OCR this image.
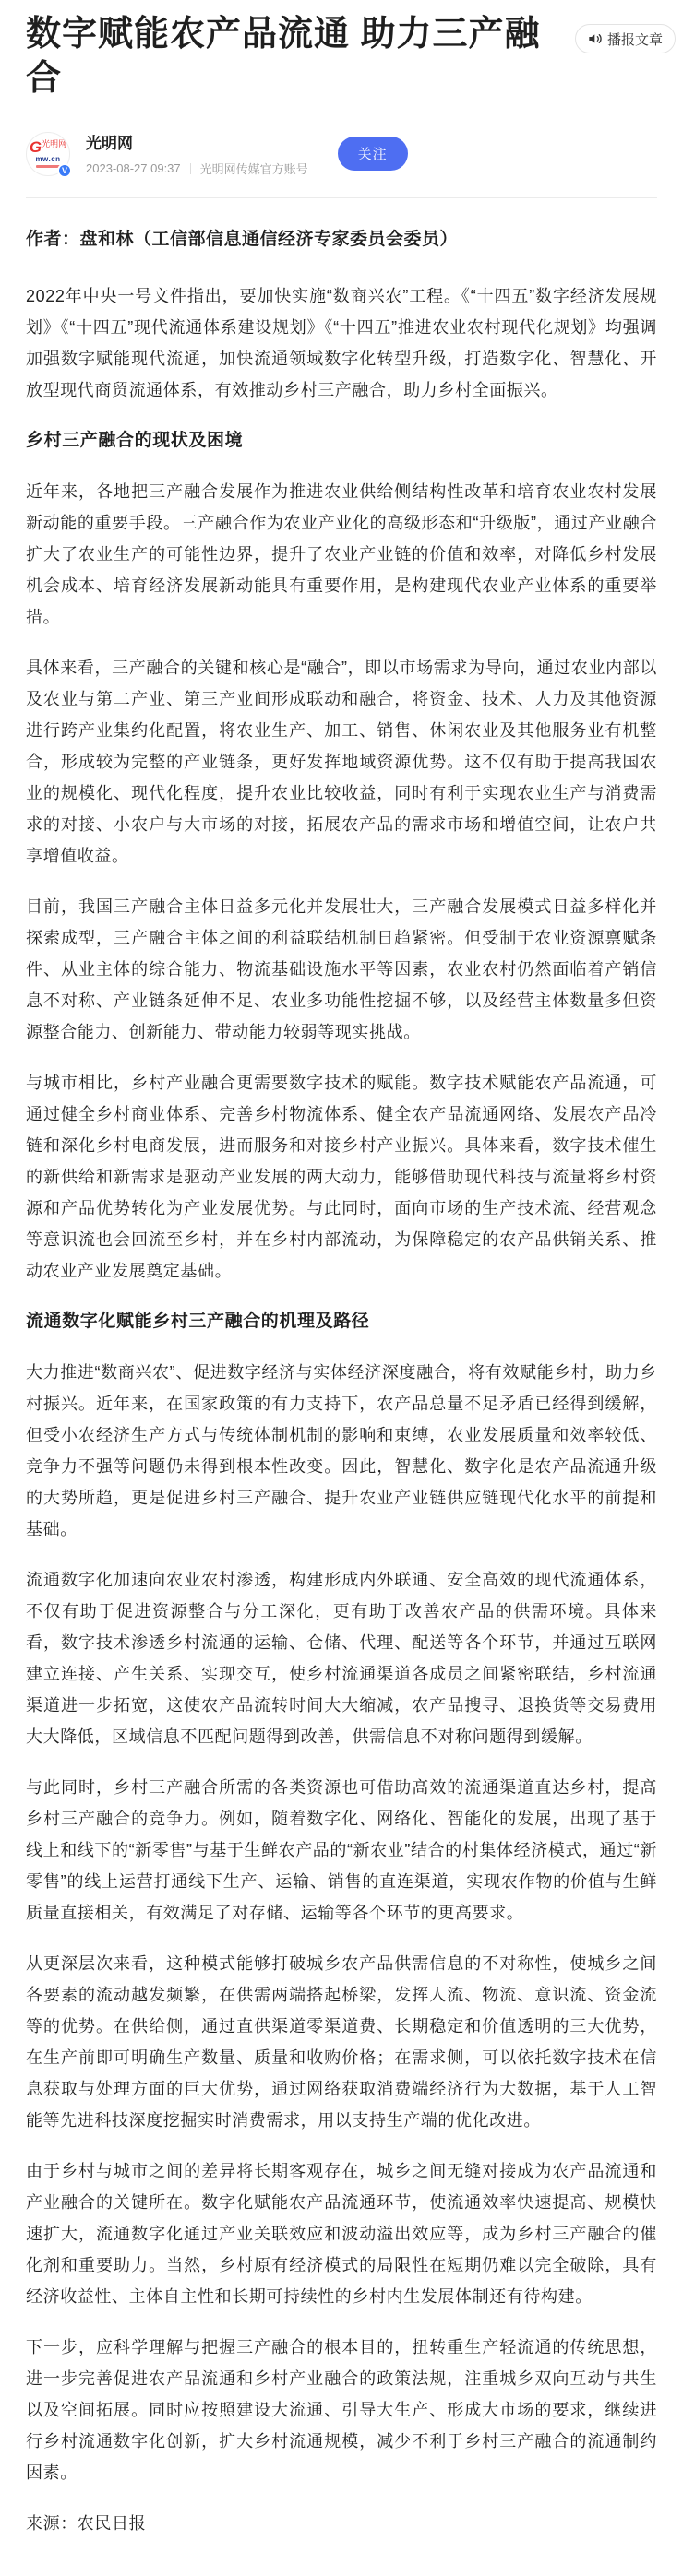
数字赋能农产品流通 助力三产融合
播报文章
G 光明网
mw.cn
V
光明网
2023-08-27 09:37 光明网传媒官方账号
关注

作者：盘和林（工信部信息通信经济专家委员会委员）

2022年中央一号文件指出，要加快实施“数商兴农”工程。《“十四五”数字经济发展规划》《“十四五”现代流通体系建设规划》《“十四五”推进农业农村现代化规划》均强调加强数字赋能现代流通，加快流通领域数字化转型升级，打造数字化、智慧化、开放型现代商贸流通体系，有效推动乡村三产融合，助力乡村全面振兴。

乡村三产融合的现状及困境

近年来，各地把三产融合发展作为推进农业供给侧结构性改革和培育农业农村发展新动能的重要手段。三产融合作为农业产业化的高级形态和“升级版”，通过产业融合扩大了农业生产的可能性边界，提升了农业产业链的价值和效率，对降低乡村发展机会成本、培育经济发展新动能具有重要作用，是构建现代农业产业体系的重要举措。

具体来看，三产融合的关键和核心是“融合”，即以市场需求为导向，通过农业内部以及农业与第二产业、第三产业间形成联动和融合，将资金、技术、人力及其他资源进行跨产业集约化配置，将农业生产、加工、销售、休闲农业及其他服务业有机整合，形成较为完整的产业链条，更好发挥地域资源优势。这不仅有助于提高我国农业的规模化、现代化程度，提升农业比较收益，同时有利于实现农业生产与消费需求的对接、小农户与大市场的对接，拓展农产品的需求市场和增值空间，让农户共享增值收益。

目前，我国三产融合主体日益多元化并发展壮大，三产融合发展模式日益多样化并探索成型，三产融合主体之间的利益联结机制日趋紧密。但受制于农业资源禀赋条件、从业主体的综合能力、物流基础设施水平等因素，农业农村仍然面临着产销信息不对称、产业链条延伸不足、农业多功能性挖掘不够，以及经营主体数量多但资源整合能力、创新能力、带动能力较弱等现实挑战。

与城市相比，乡村产业融合更需要数字技术的赋能。数字技术赋能农产品流通，可通过健全乡村商业体系、完善乡村物流体系、健全农产品流通网络、发展农产品冷链和深化乡村电商发展，进而服务和对接乡村产业振兴。具体来看，数字技术催生的新供给和新需求是驱动产业发展的两大动力，能够借助现代科技与流量将乡村资源和产品优势转化为产业发展优势。与此同时，面向市场的生产技术流、经营观念等意识流也会回流至乡村，并在乡村内部流动，为保障稳定的农产品供销关系、推动农业产业发展奠定基础。

流通数字化赋能乡村三产融合的机理及路径

大力推进“数商兴农”、促进数字经济与实体经济深度融合，将有效赋能乡村，助力乡村振兴。近年来，在国家政策的有力支持下，农产品总量不足矛盾已经得到缓解，但受小农经济生产方式与传统体制机制的影响和束缚，农业发展质量和效率较低、竞争力不强等问题仍未得到根本性改变。因此，智慧化、数字化是农产品流通升级的大势所趋，更是促进乡村三产融合、提升农业产业链供应链现代化水平的前提和基础。

流通数字化加速向农业农村渗透，构建形成内外联通、安全高效的现代流通体系，不仅有助于促进资源整合与分工深化，更有助于改善农产品的供需环境。具体来看，数字技术渗透乡村流通的运输、仓储、代理、配送等各个环节，并通过互联网建立连接、产生关系、实现交互，使乡村流通渠道各成员之间紧密联结，乡村流通渠道进一步拓宽，这使农产品流转时间大大缩减，农产品搜寻、退换货等交易费用大大降低，区域信息不匹配问题得到改善，供需信息不对称问题得到缓解。

与此同时，乡村三产融合所需的各类资源也可借助高效的流通渠道直达乡村，提高乡村三产融合的竞争力。例如，随着数字化、网络化、智能化的发展，出现了基于线上和线下的“新零售”与基于生鲜农产品的“新农业”结合的村集体经济模式，通过“新零售”的线上运营打通线下生产、运输、销售的直连渠道，实现农作物的价值与生鲜质量直接相关，有效满足了对存储、运输等各个环节的更高要求。

从更深层次来看，这种模式能够打破城乡农产品供需信息的不对称性，使城乡之间各要素的流动越发频繁，在供需两端搭起桥梁，发挥人流、物流、意识流、资金流等的优势。在供给侧，通过直供渠道零渠道费、长期稳定和价值透明的三大优势，在生产前即可明确生产数量、质量和收购价格；在需求侧，可以依托数字技术在信息获取与处理方面的巨大优势，通过网络获取消费端经济行为大数据，基于人工智能等先进科技深度挖掘实时消费需求，用以支持生产端的优化改进。

由于乡村与城市之间的差异将长期客观存在，城乡之间无缝对接成为农产品流通和产业融合的关键所在。数字化赋能农产品流通环节，使流通效率快速提高、规模快速扩大，流通数字化通过产业关联效应和波动溢出效应等，成为乡村三产融合的催化剂和重要助力。当然，乡村原有经济模式的局限性在短期仍难以完全破除，具有经济收益性、主体自主性和长期可持续性的乡村内生发展体制还有待构建。

下一步，应科学理解与把握三产融合的根本目的，扭转重生产轻流通的传统思想，进一步完善促进农产品流通和乡村产业融合的政策法规，注重城乡双向互动与共生以及空间拓展。同时应按照建设大流通、引导大生产、形成大市场的要求，继续进行乡村流通数字化创新，扩大乡村流通规模，减少不利于乡村三产融合的流通制约因素。

来源：农民日报
